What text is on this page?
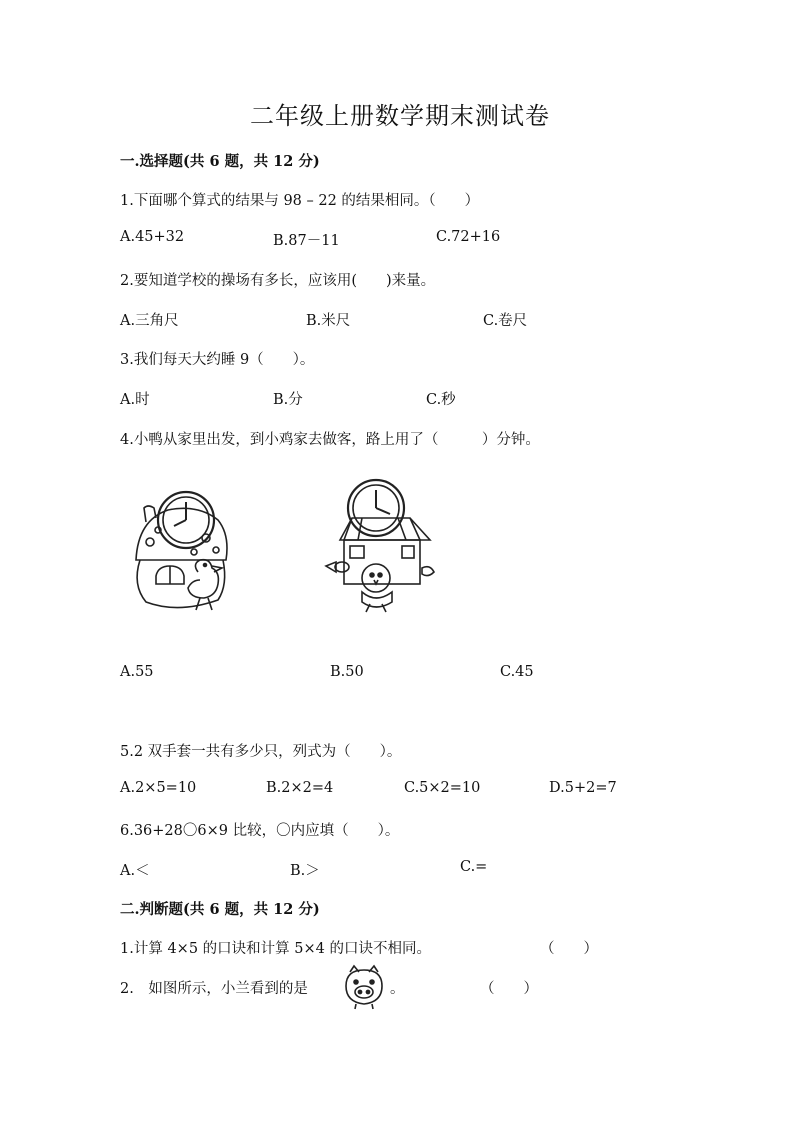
二年级上册数学期末测试卷
一.选择题(共 6 题，共 12 分)
1.下面哪个算式的结果与 98 – 22 的结果相同。（　　）
A.45+32	B.87－11	C.72+16
2.要知道学校的操场有多长，应该用(　　)来量。
A.三角尺	B.米尺	C.卷尺
3.我们每天大约睡 9（　　）。
A.时	B.分	C.秒
4.小鸭从家里出发，到小鸡家去做客，路上用了（　　　）分钟。
A.55	B.50	C.45
5.2 双手套一共有多少只，列式为（　　）。
A.2×5=10	B.2×2=4	C.5×2=10	D.5+2=7
6.36+28〇6×9 比较，〇内应填（　　）。
A.＜	B.＞	C.=
二.判断题(共 6 题，共 12 分)
1.计算 4×5 的口诀和计算 5×4 的口诀不相同。	（　　）
2.　如图所示，小兰看到的是	。	（　　）
